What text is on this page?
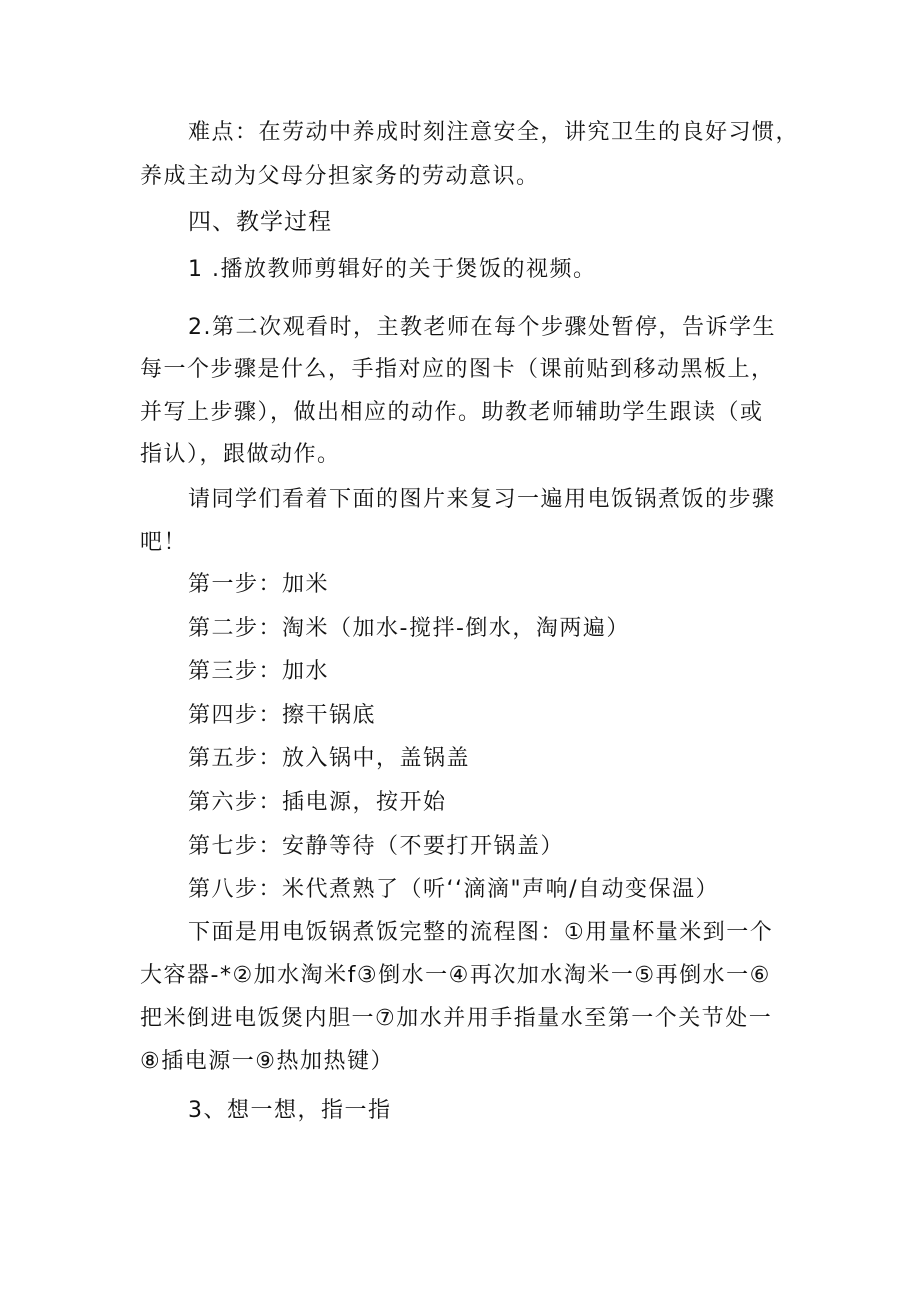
难点：在劳动中养成时刻注意安全，讲究卫生的良好习惯，

养成主动为父母分担家务的劳动意识。

四、教学过程

1 .播放教师剪辑好的关于煲饭的视频。

2.第二次观看时，主教老师在每个步骤处暂停，告诉学生

每一个步骤是什么，手指对应的图卡（课前贴到移动黑板上，

并写上步骤），做出相应的动作。助教老师辅助学生跟读（或

指认），跟做动作。

请同学们看着下面的图片来复习一遍用电饭锅煮饭的步骤

吧！

第一步：加米

第二步：淘米（加水-搅拌-倒水，淘两遍）

第三步：加水

第四步：擦干锅底

第五步：放入锅中，盖锅盖

第六步：插电源，按开始

第七步：安静等待（不要打开锅盖）

第八步：米代煮熟了（听‘‘滴滴"声响/自动变保温）

下面是用电饭锅煮饭完整的流程图：①用量杯量米到一个

大容器-*②加水淘米f③倒水一④再次加水淘米一⑤再倒水一⑥

把米倒进电饭煲内胆一⑦加水并用手指量水至第一个关节处一

⑧插电源一⑨热加热键）

3、想一想，指一指
